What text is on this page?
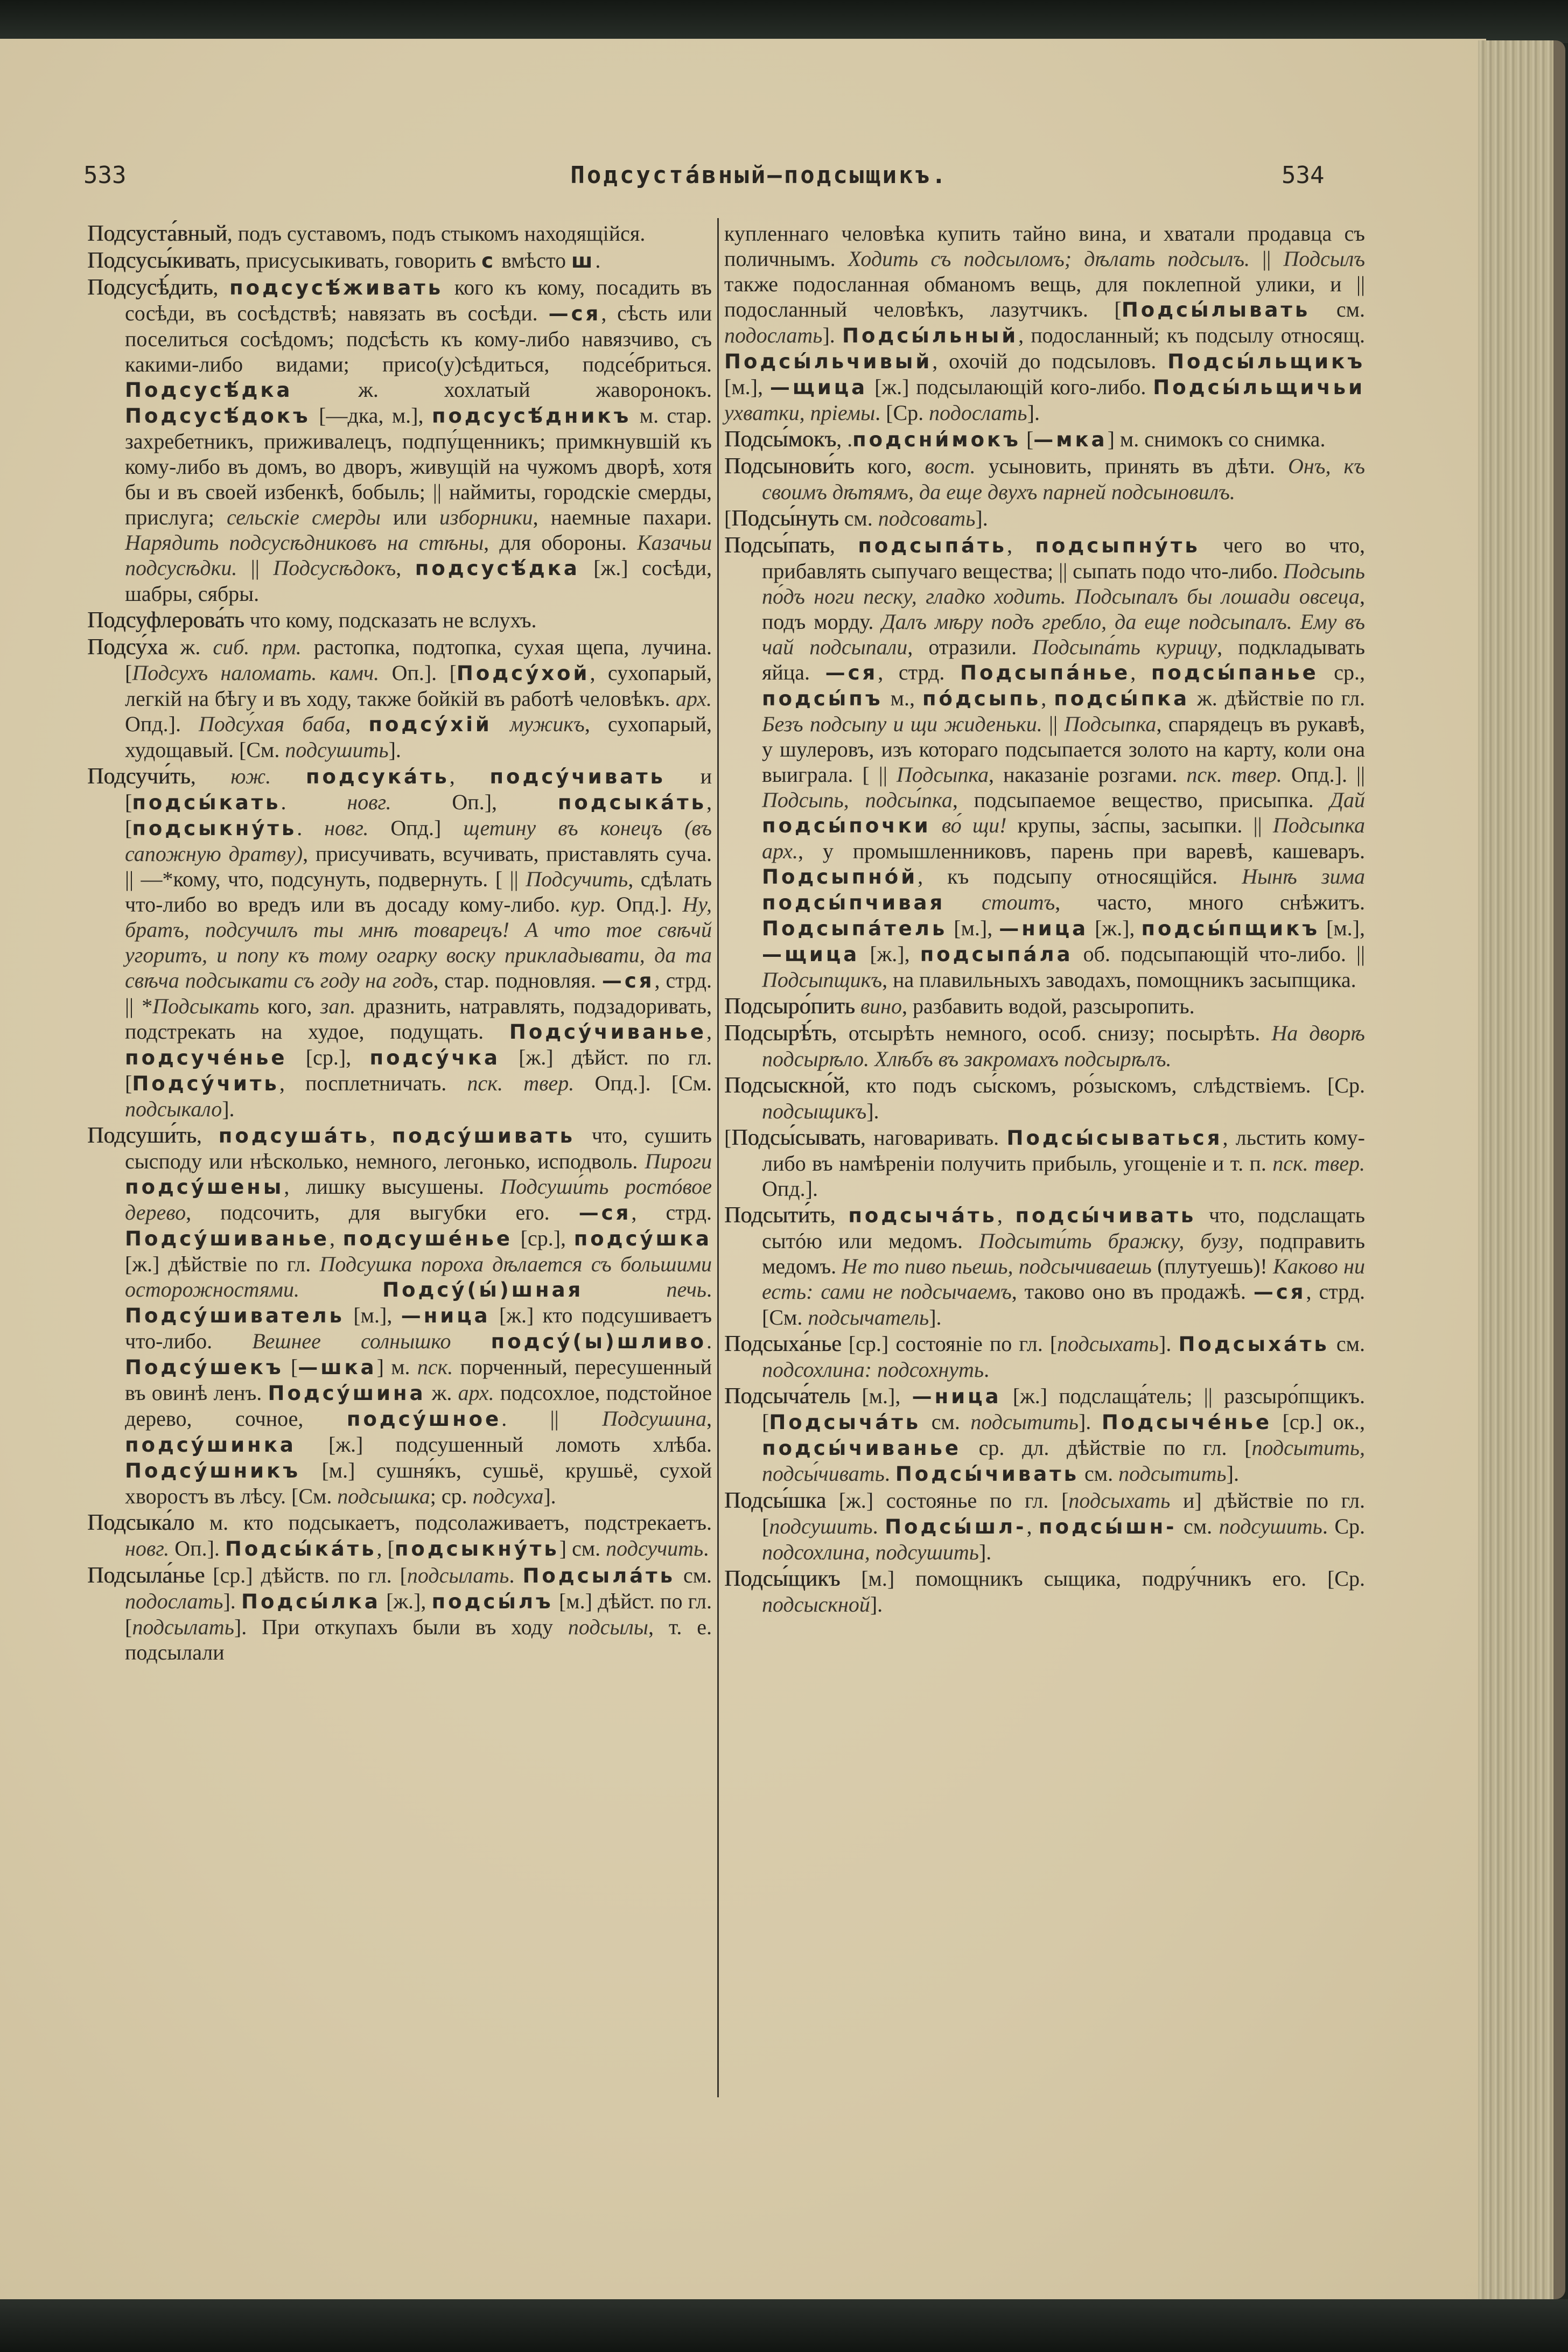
533	Подсуста́вный—подсыщикъ.	534

Подсуста́вный, подъ суставомъ, подъ стыкомъ находящійся.

Подсусы́кивать, присусыкивать, говорить с вмѣсто ш.

Подсусѣ́дить, подсусѣ́живать кого къ кому, посадить въ сосѣди, въ сосѣдствѣ; навязать въ сосѣди. —ся, сѣсть или поселиться сосѣдомъ; подсѣсть къ кому-либо навязчиво, съ какими-либо видами; присо(у)сѣдиться, подсе́бриться. Подсусѣ́дка ж. хохлатый жаворонокъ. Подсусѣ́докъ [—дка, м.], подсусѣ́дникъ м. стар. захребетникъ, приживалецъ, подпу́щенникъ; примкнувшій къ кому-либо въ домъ, во дворъ, живущій на чужомъ дворѣ, хотя бы и въ своей избенкѣ, бобыль; || наймиты, городскіе смерды, прислуга; сельскіе смерды или изборники, наемные пахари. Нарядить подсусѣдниковъ на стѣны, для обороны. Казачьи подсусѣдки. || Подсусѣдокъ, подсусѣ́дка [ж.] сосѣди, шабры, сябры.

Подсуфлерова́ть что кому, подсказать не вслухъ.

Подсу́ха ж. сиб. прм. растопка, подтопка, сухая щепа, лучина. [Подсухъ наломать. камч. Оп.]. [Подсу́хой, сухопарый, легкій на бѣгу и въ ходу, также бойкій въ работѣ человѣкъ. арх. Опд.]. Подсу́хая баба, подсу́хій мужикъ, сухопарый, худощавый. [См. подсушить].

Подсучи́ть, юж. подсука́ть, подсу́чивать и [подсы́кать. новг. Оп.], подсыка́ть, [подсыкну́ть. новг. Опд.] щетину въ конецъ (въ сапожную дратву), присучивать, всучивать, приставлять суча. || —*кому, что, подсунуть, подвернуть. [ || Подсучить, сдѣлать что-либо во вредъ или въ досаду кому-либо. кур. Опд.]. Ну, братъ, подсучилъ ты мнѣ товарецъ! А что тое свѣчй угоритъ, и попу къ тому огарку воску прикладывати, да та свѣча подсыкати съ году на годъ, стар. подновляя. —ся, стрд. || *Подсыкать кого, зап. дразнить, натравлять, подзадоривать, подстрекать на худое, подущать. Подсу́чиванье, подсуче́нье [ср.], подсу́чка [ж.] дѣйст. по гл. [Подсу́чить, посплетничать. пск. твер. Опд.]. [См. подсыкало].

Подсуши́ть, подсуша́ть, подсу́шивать что, сушить сысподу или нѣсколько, немного, легонько, исподволь. Пироги подсу́шены, лишку высушены. Подсуши́ть ростóвое дерево, подсочить, для выгубки его. —ся, стрд. Подсу́шиванье, подсуше́нье [ср.], подсу́шка [ж.] дѣйствіе по гл. Подсушка пороха дѣлается съ большими осторожностями.	Подсу́(ы́)шная	печь. Подсу́шиватель [м.], —ница [ж.] кто подсушиваетъ что-либо. Вешнее солнышко подсу́(ы)шливо. Подсу́шекъ [—шка] м. пск. порченный, пересушенный въ овинѣ ленъ. Подсу́шина ж. арх. подсохлое, подстойное дерево, сочное, подсу́шное. || Подсушина, подсу́шинка [ж.] подсушенный ломоть хлѣба. Подсу́шникъ [м.] сушня́къ, сушьё, крушьё, сухой хворостъ въ лѣсу. [См. подсышка; ср. подсуха].

Подсыка́ло м. кто подсыкаетъ, подсолаживаетъ, подстрекаетъ. новг. Оп.]. Подсы́ка́ть, [подсыкну́ть] см. подсучить.

Подсыла́нье [ср.] дѣйств. по гл. [подсылать. Подсыла́ть см. подослать]. Подсы́лка [ж.], подсы́лъ [м.] дѣйст. по гл. [подсылать]. При откупахъ были въ ходу подсылы, т. е. подсылали

купленнаго человѣка купить тайно вина, и хватали продавца съ поличнымъ. Ходить съ подсыломъ; дѣлать подсылъ. || Подсылъ также подосланная обманомъ вещь, для поклепной улики, и || подосланный человѣкъ, лазутчикъ. [Подсы́лывать см. подослать]. Подсы́льный, подосланный; къ подсылу относящ. Подсы́льчивый, охочій до подсыловъ. Подсы́льщикъ [м.], —щица [ж.] подсылающій кого-либо. Подсы́льщичьи ухватки, пріемы. [Ср. подослать].

Подсы́мокъ, .подсни́мокъ [—мка] м. снимокъ со снимка.

Подсынови́ть кого, вост. усыновить, принять въ дѣти. Онъ, къ своимъ дѣтямъ, да еще двухъ парней подсыновилъ.

[Подсы́нуть см. подсовать].

Подсы́пать, подсыпа́ть, подсыпну́ть чего во что, прибавлять сыпучаго вещества; || сыпать подо что-либо. Подсыпь по́дъ ноги песку, гладко ходить. Подсыпалъ бы лошади овсеца, подъ морду. Далъ мѣру подъ гребло, да еще подсыпалъ. Ему въ чай подсыпали, отразили. Подсыпа́ть курицу, подкладывать яйца. —ся, стрд. Подсыпа́нье, подсы́панье ср., подсы́пъ м., по́дсыпь, подсы́пка ж. дѣйствіе по гл. Безъ подсыпу и щи жиденьки. || Подсыпка, спарядецъ въ рукавѣ, у шулеровъ, изъ котораго подсыпается золото на карту, коли она выиграла. [ || Подсыпка, наказаніе розгами. пск. твер. Опд.]. || Подсыпь, подсы́пка, подсыпаемое вещество, присыпка. Дай подсы́почки во́ щи! крупы, за́спы, засыпки. || Подсыпка арх., у промышленниковъ, парень при варевѣ, кашеваръ. Подсыпно́й, къ подсыпу относящійся. Нынѣ зима подсы́пчивая стоитъ, часто, много снѣжитъ. Подсыпа́тель [м.], —ница [ж.], подсы́пщикъ [м.], —щица [ж.], подсыпа́ла об. подсыпающій что-либо. || Подсыпщикъ, на плавильныхъ заводахъ, помощникъ засыпщика.

Подсыро́пить вино, разбавить водой, разсыропить.

Подсырѣ́ть, отсырѣть немного, особ. снизу; посырѣть. На дворѣ подсырѣло. Хлѣбъ въ закромахъ подсырѣлъ.

Подсыскно́й, кто подъ сы́скомъ, ро́зыскомъ, слѣдствіемъ. [Ср. подсыщикъ].

[Подсы́сывать, наговаривать. Подсы́сываться, льстить кому-либо въ намѣреніи получить прибыль, угощеніе и т. п. пск. твер. Опд.].

Подсыти́ть, подсыча́ть, подсы́чивать что, подслащать сытóю или медомъ. Подсыти́ть бражку, бузу, подправить медомъ. Не то пиво пьешь, подсычиваешь (плутуешь)! Каково ни есть: сами не подсычаемъ, таково оно въ продажѣ. —ся, стрд. [См. подсычатель].

Подсыха́нье [ср.] состояніе по гл. [подсыхать]. Подсыха́ть см. подсохлина: подсохнуть.

Подсыча́тель [м.], —ница [ж.] подслаща́тель; || разсыро́пщикъ. [Подсыча́ть см. подсытить]. Подсыче́нье [ср.] ок., подсы́чиванье ср. дл. дѣйствіе по гл. [подсытить, подсы́чивать. Подсы́чивать см. подсытить].

Подсы́шка [ж.] состоянье по гл. [подсыхать и] дѣйствіе по гл. [подсушить. Подсы́шл-, подсы́шн- см. подсушить. Ср. подсохлина, подсушить].

Подсы́щикъ [м.] помощникъ сыщика, подру́чникъ его. [Ср. подсыскной].
